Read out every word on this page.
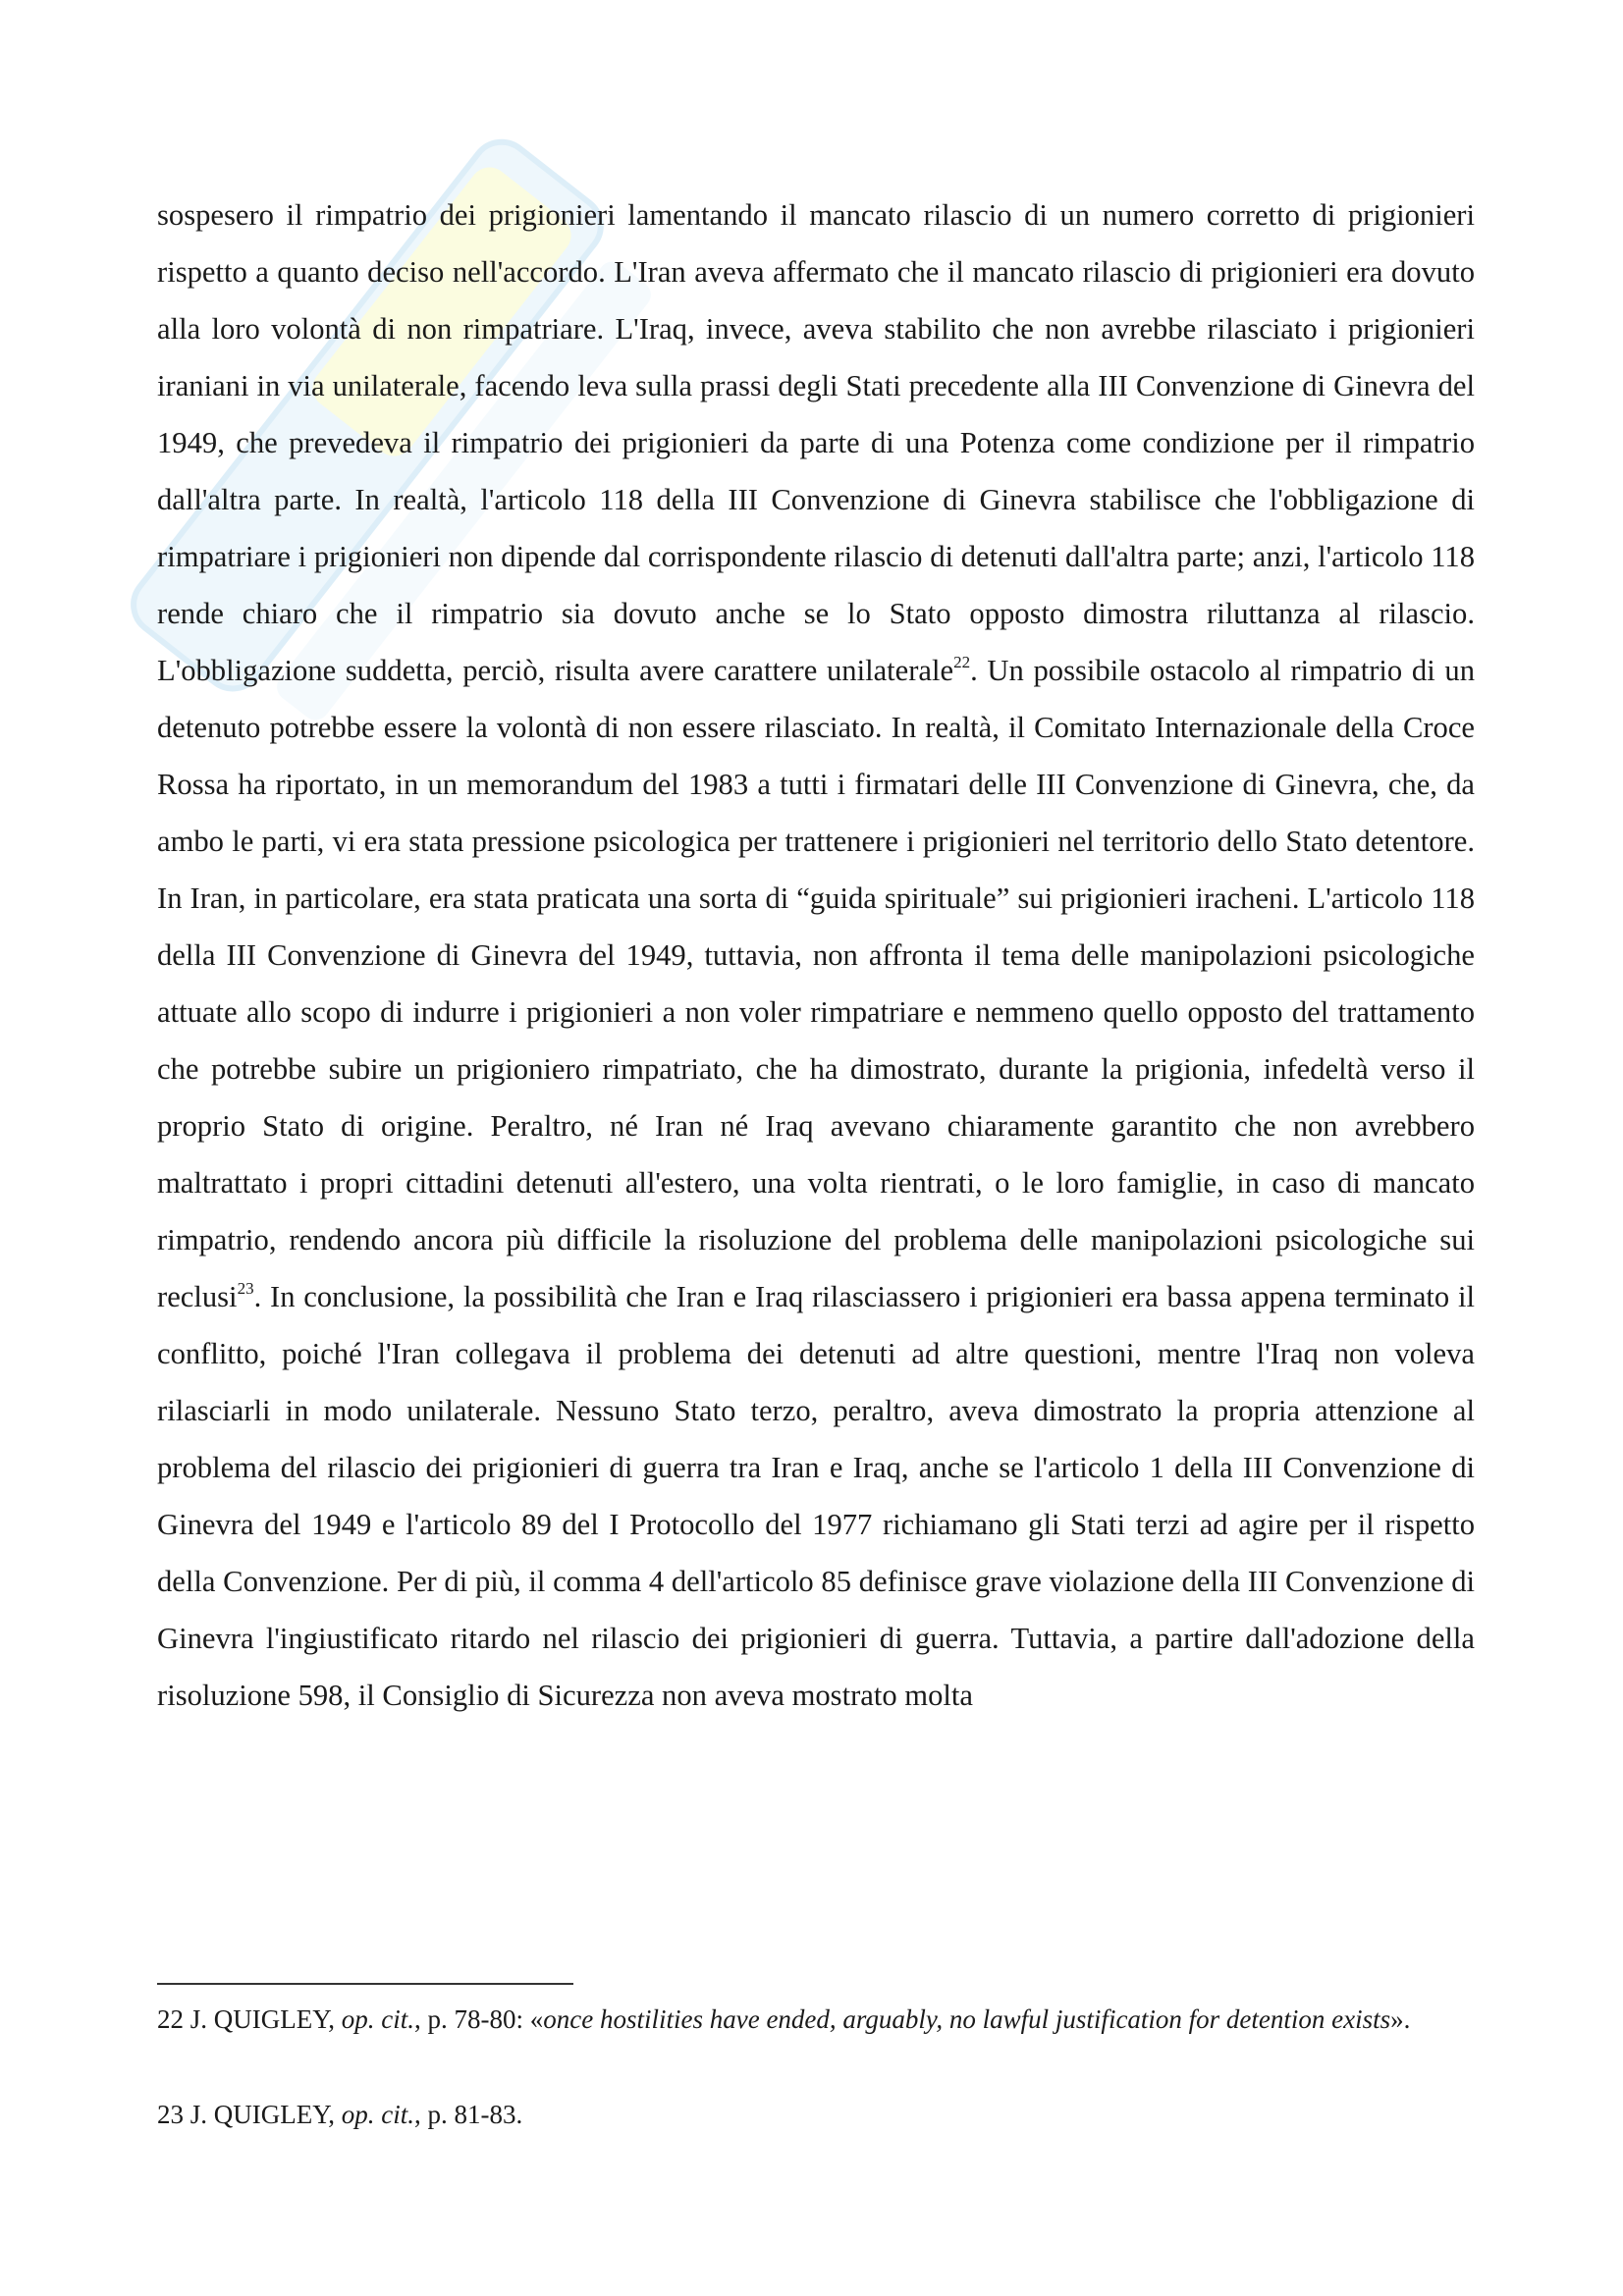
sospesero il rimpatrio dei prigionieri lamentando il mancato rilascio di un numero corretto di prigionieri rispetto a quanto deciso nell'accordo. L'Iran aveva affermato che il mancato rilascio di prigionieri era dovuto alla loro volontà di non rimpatriare. L'Iraq, invece, aveva stabilito che non avrebbe rilasciato i prigionieri iraniani in via unilaterale, facendo leva sulla prassi degli Stati precedente alla III Convenzione di Ginevra del 1949, che prevedeva il rimpatrio dei prigionieri da parte di una Potenza come condizione per il rimpatrio dall'altra parte. In realtà, l'articolo 118 della III Convenzione di Ginevra stabilisce che l'obbligazione di rimpatriare i prigionieri non dipende dal corrispondente rilascio di detenuti dall'altra parte; anzi, l'articolo 118 rende chiaro che il rimpatrio sia dovuto anche se lo Stato opposto dimostra riluttanza al rilascio. L'obbligazione suddetta, perciò, risulta avere carattere unilaterale$^{22}$. Un possibile ostacolo al rimpatrio di un detenuto potrebbe essere la volontà di non essere rilasciato. In realtà, il Comitato Internazionale della Croce Rossa ha riportato, in un memorandum del 1983 a tutti i firmatari delle III Convenzione di Ginevra, che, da ambo le parti, vi era stata pressione psicologica per trattenere i prigionieri nel territorio dello Stato detentore. In Iran, in particolare, era stata praticata una sorta di “guida spirituale” sui prigionieri iracheni. L'articolo 118 della III Convenzione di Ginevra del 1949, tuttavia, non affronta il tema delle manipolazioni psicologiche attuate allo scopo di indurre i prigionieri a non voler rimpatriare e nemmeno quello opposto del trattamento che potrebbe subire un prigioniero rimpatriato, che ha dimostrato, durante la prigionia, infedeltà verso il proprio Stato di origine. Peraltro, né Iran né Iraq avevano chiaramente garantito che non avrebbero maltrattato i propri cittadini detenuti all'estero, una volta rientrati, o le loro famiglie, in caso di mancato rimpatrio, rendendo ancora più difficile la risoluzione del problema delle manipolazioni psicologiche sui reclusi$^{23}$. In conclusione, la possibilità che Iran e Iraq rilasciassero i prigionieri era bassa appena terminato il conflitto, poiché l'Iran collegava il problema dei detenuti ad altre questioni, mentre l'Iraq non voleva rilasciarli in modo unilaterale. Nessuno Stato terzo, peraltro, aveva dimostrato la propria attenzione al problema del rilascio dei prigionieri di guerra tra Iran e Iraq, anche se l'articolo 1 della III Convenzione di Ginevra del 1949 e l'articolo 89 del I Protocollo del 1977 richiamano gli Stati terzi ad agire per il rispetto della Convenzione. Per di più, il comma 4 dell'articolo 85 definisce grave violazione della III Convenzione di Ginevra l'ingiustificato ritardo nel rilascio dei prigionieri di guerra. Tuttavia, a partire dall'adozione della risoluzione 598, il Consiglio di Sicurezza non aveva mostrato molta

22 J. QUIGLEY, op. cit., p. 78-80: «once hostilities have ended, arguably, no lawful justification for detention exists».

23 J. QUIGLEY, op. cit., p. 81-83.
